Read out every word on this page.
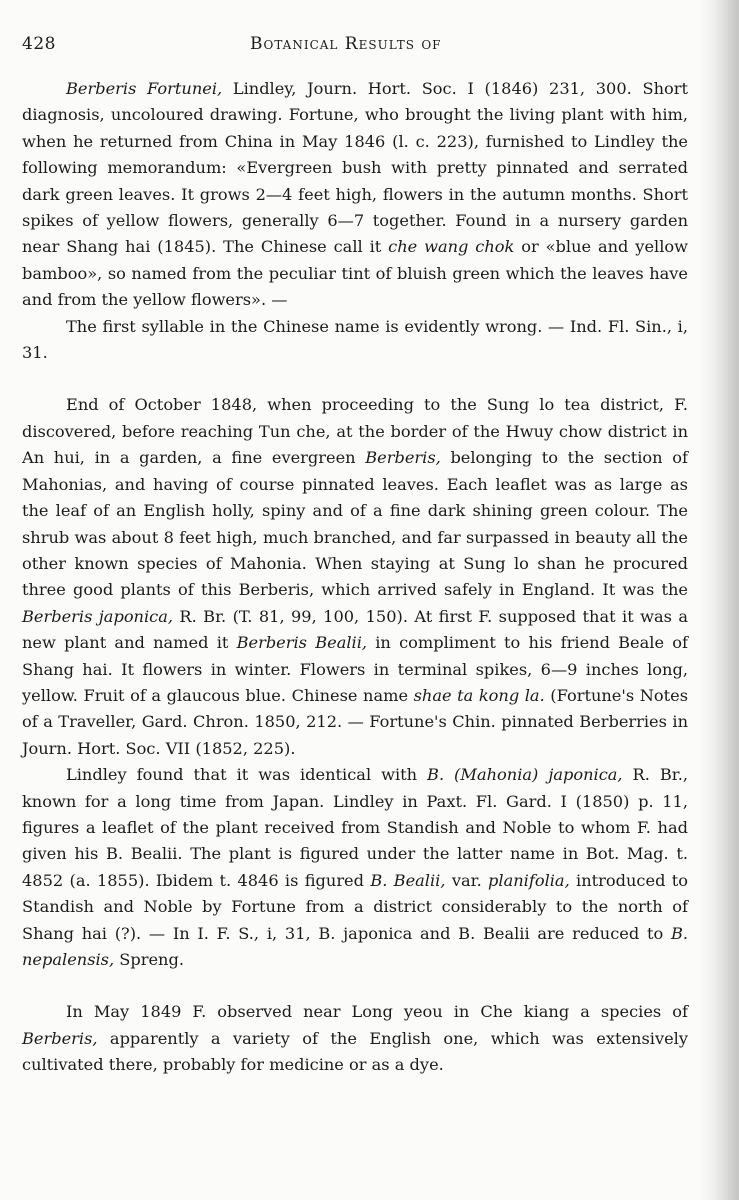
428	Botanical Results of

Berberis Fortunei, Lindley, Journ. Hort. Soc. I (1846) 231, 300. Short diagnosis, uncoloured drawing. Fortune, who brought the living plant with him, when he returned from China in May 1846 (l. c. 223), furnished to Lindley the following memorandum: «Evergreen bush with pretty pinnated and serrated dark green leaves. It grows 2—4 feet high, flowers in the autumn months. Short spikes of yellow flowers, generally 6—7 together. Found in a nursery garden near Shang hai (1845). The Chinese call it che wang chok or «blue and yellow bamboo», so named from the peculiar tint of bluish green which the leaves have and from the yellow flowers». —

The first syllable in the Chinese name is evidently wrong. — Ind. Fl. Sin., i, 31.

End of October 1848, when proceeding to the Sung lo tea district, F. discovered, before reaching Tun che, at the border of the Hwuy chow district in An hui, in a garden, a fine evergreen Berberis, belonging to the section of Mahonias, and having of course pinnated leaves. Each leaflet was as large as the leaf of an English holly, spiny and of a fine dark shining green colour. The shrub was about 8 feet high, much branched, and far surpassed in beauty all the other known species of Mahonia. When staying at Sung lo shan he procured three good plants of this Berberis, which arrived safely in England. It was the Berberis japonica, R. Br. (T. 81, 99, 100, 150). At first F. supposed that it was a new plant and named it Berberis Bealii, in compliment to his friend Beale of Shang hai. It flowers in winter. Flowers in terminal spikes, 6—9 inches long, yellow. Fruit of a glaucous blue. Chinese name shae ta kong la. (Fortune's Notes of a Traveller, Gard. Chron. 1850, 212. — Fortune's Chin. pinnated Berberries in Journ. Hort. Soc. VII (1852, 225).

Lindley found that it was identical with B. (Mahonia) japonica, R. Br., known for a long time from Japan. Lindley in Paxt. Fl. Gard. I (1850) p. 11, figures a leaflet of the plant received from Standish and Noble to whom F. had given his B. Bealii. The plant is figured under the latter name in Bot. Mag. t. 4852 (a. 1855). Ibidem t. 4846 is figured B. Bealii, var. planifolia, introduced to Standish and Noble by Fortune from a district considerably to the north of Shang hai (?). — In I. F. S., i, 31, B. japonica and B. Bealii are reduced to B. nepalensis, Spreng.

In May 1849 F. observed near Long yeou in Che kiang a species of Berberis, apparently a variety of the English one, which was extensively cultivated there, probably for medicine or as a dye.
